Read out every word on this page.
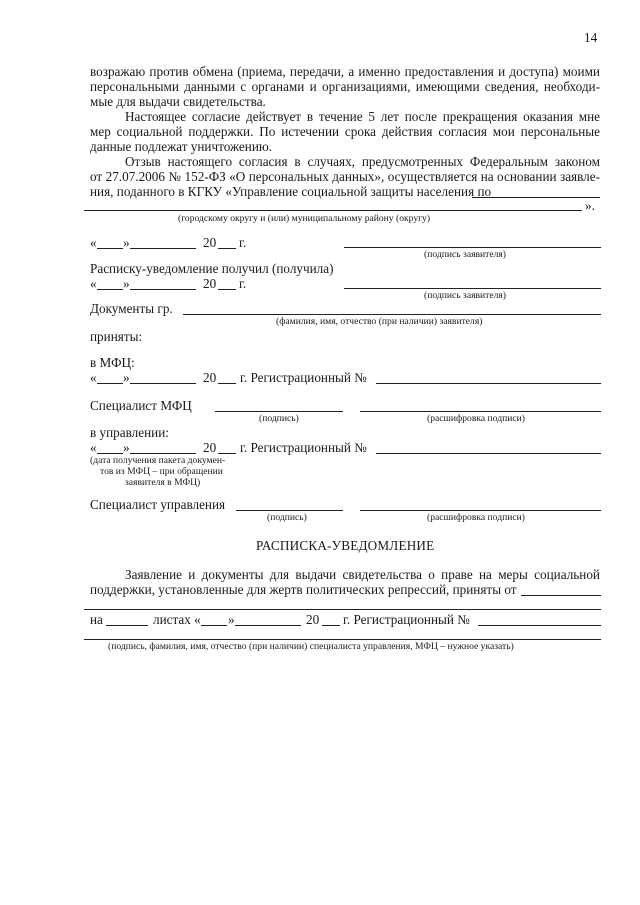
14
возражаю против обмена (приема, передачи, а именно предоставления и доступа) моими
персональными данными с органами и организациями, имеющими сведения, необходи-
мые для выдачи свидетельства.
Настоящее согласие действует в течение 5 лет после прекращения оказания мне
мер социальной поддержки. По истечении срока действия согласия мои персональные
данные подлежат уничтожению.
Отзыв настоящего согласия в случаях, предусмотренных Федеральным законом
от 27.07.2006 № 152-ФЗ «О персональных данных», осуществляется на основании заявле-
ния, поданного в КГКУ «Управление социальной защиты населения по
».
(городскому округу и (или) муниципальному району (округу)
« »	20 г.
(подпись заявителя)
Расписку-уведомление получил (получила)
« »	20 г.
(подпись заявителя)
Документы гр.
(фамилия, имя, отчество (при наличии) заявителя)
приняты:
в МФЦ:
« »	20 г. Регистрационный №
Специалист МФЦ
(подпись)	(расшифровка подписи)
в управлении:
« »	20 г. Регистрационный №
(дата получения пакета докумен-
тов из МФЦ – при обращении
заявителя в МФЦ)
Специалист управления
(подпись)	(расшифровка подписи)
РАСПИСКА-УВЕДОМЛЕНИЕ
Заявление и документы для выдачи свидетельства о праве на меры социальной
поддержки, установленные для жертв политических репрессий, приняты от
на	листах « »	20 г. Регистрационный №
(подпись, фамилия, имя, отчество (при наличии) специалиста управления, МФЦ – нужное указать)
